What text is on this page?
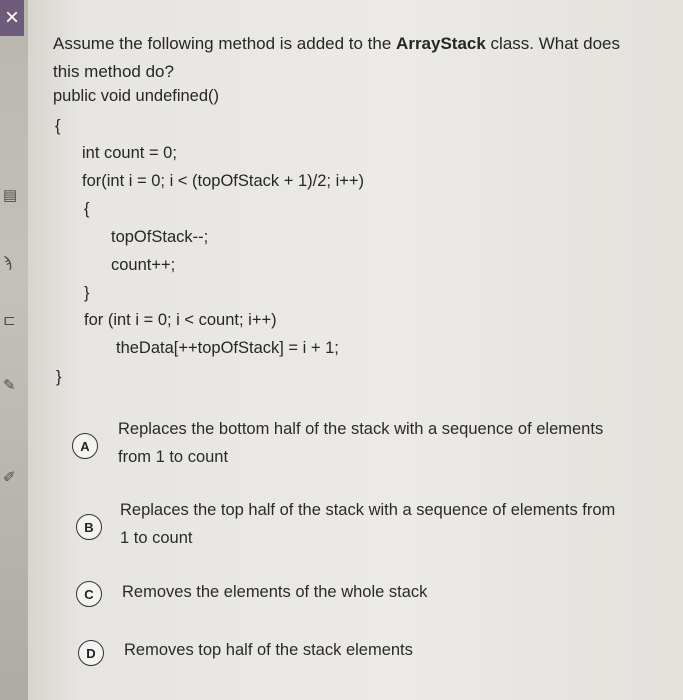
▤
ϡ
⊏
✎
✐
×
Assume the following method is added to the ArrayStack class. What does this method do?
public void undefined()
{
int count = 0;
for(int i = 0; i < (topOfStack + 1)/2; i++)
{
topOfStack--;
count++;
}
for (int i = 0; i < count; i++)
theData[++topOfStack] = i + 1;
}
A
Replaces the bottom half of the stack with a sequence of elements from 1 to count
B
Replaces the top half of the stack with a sequence of elements from 1 to count
C	Removes the elements of the whole stack
D	Removes top half of the stack elements
